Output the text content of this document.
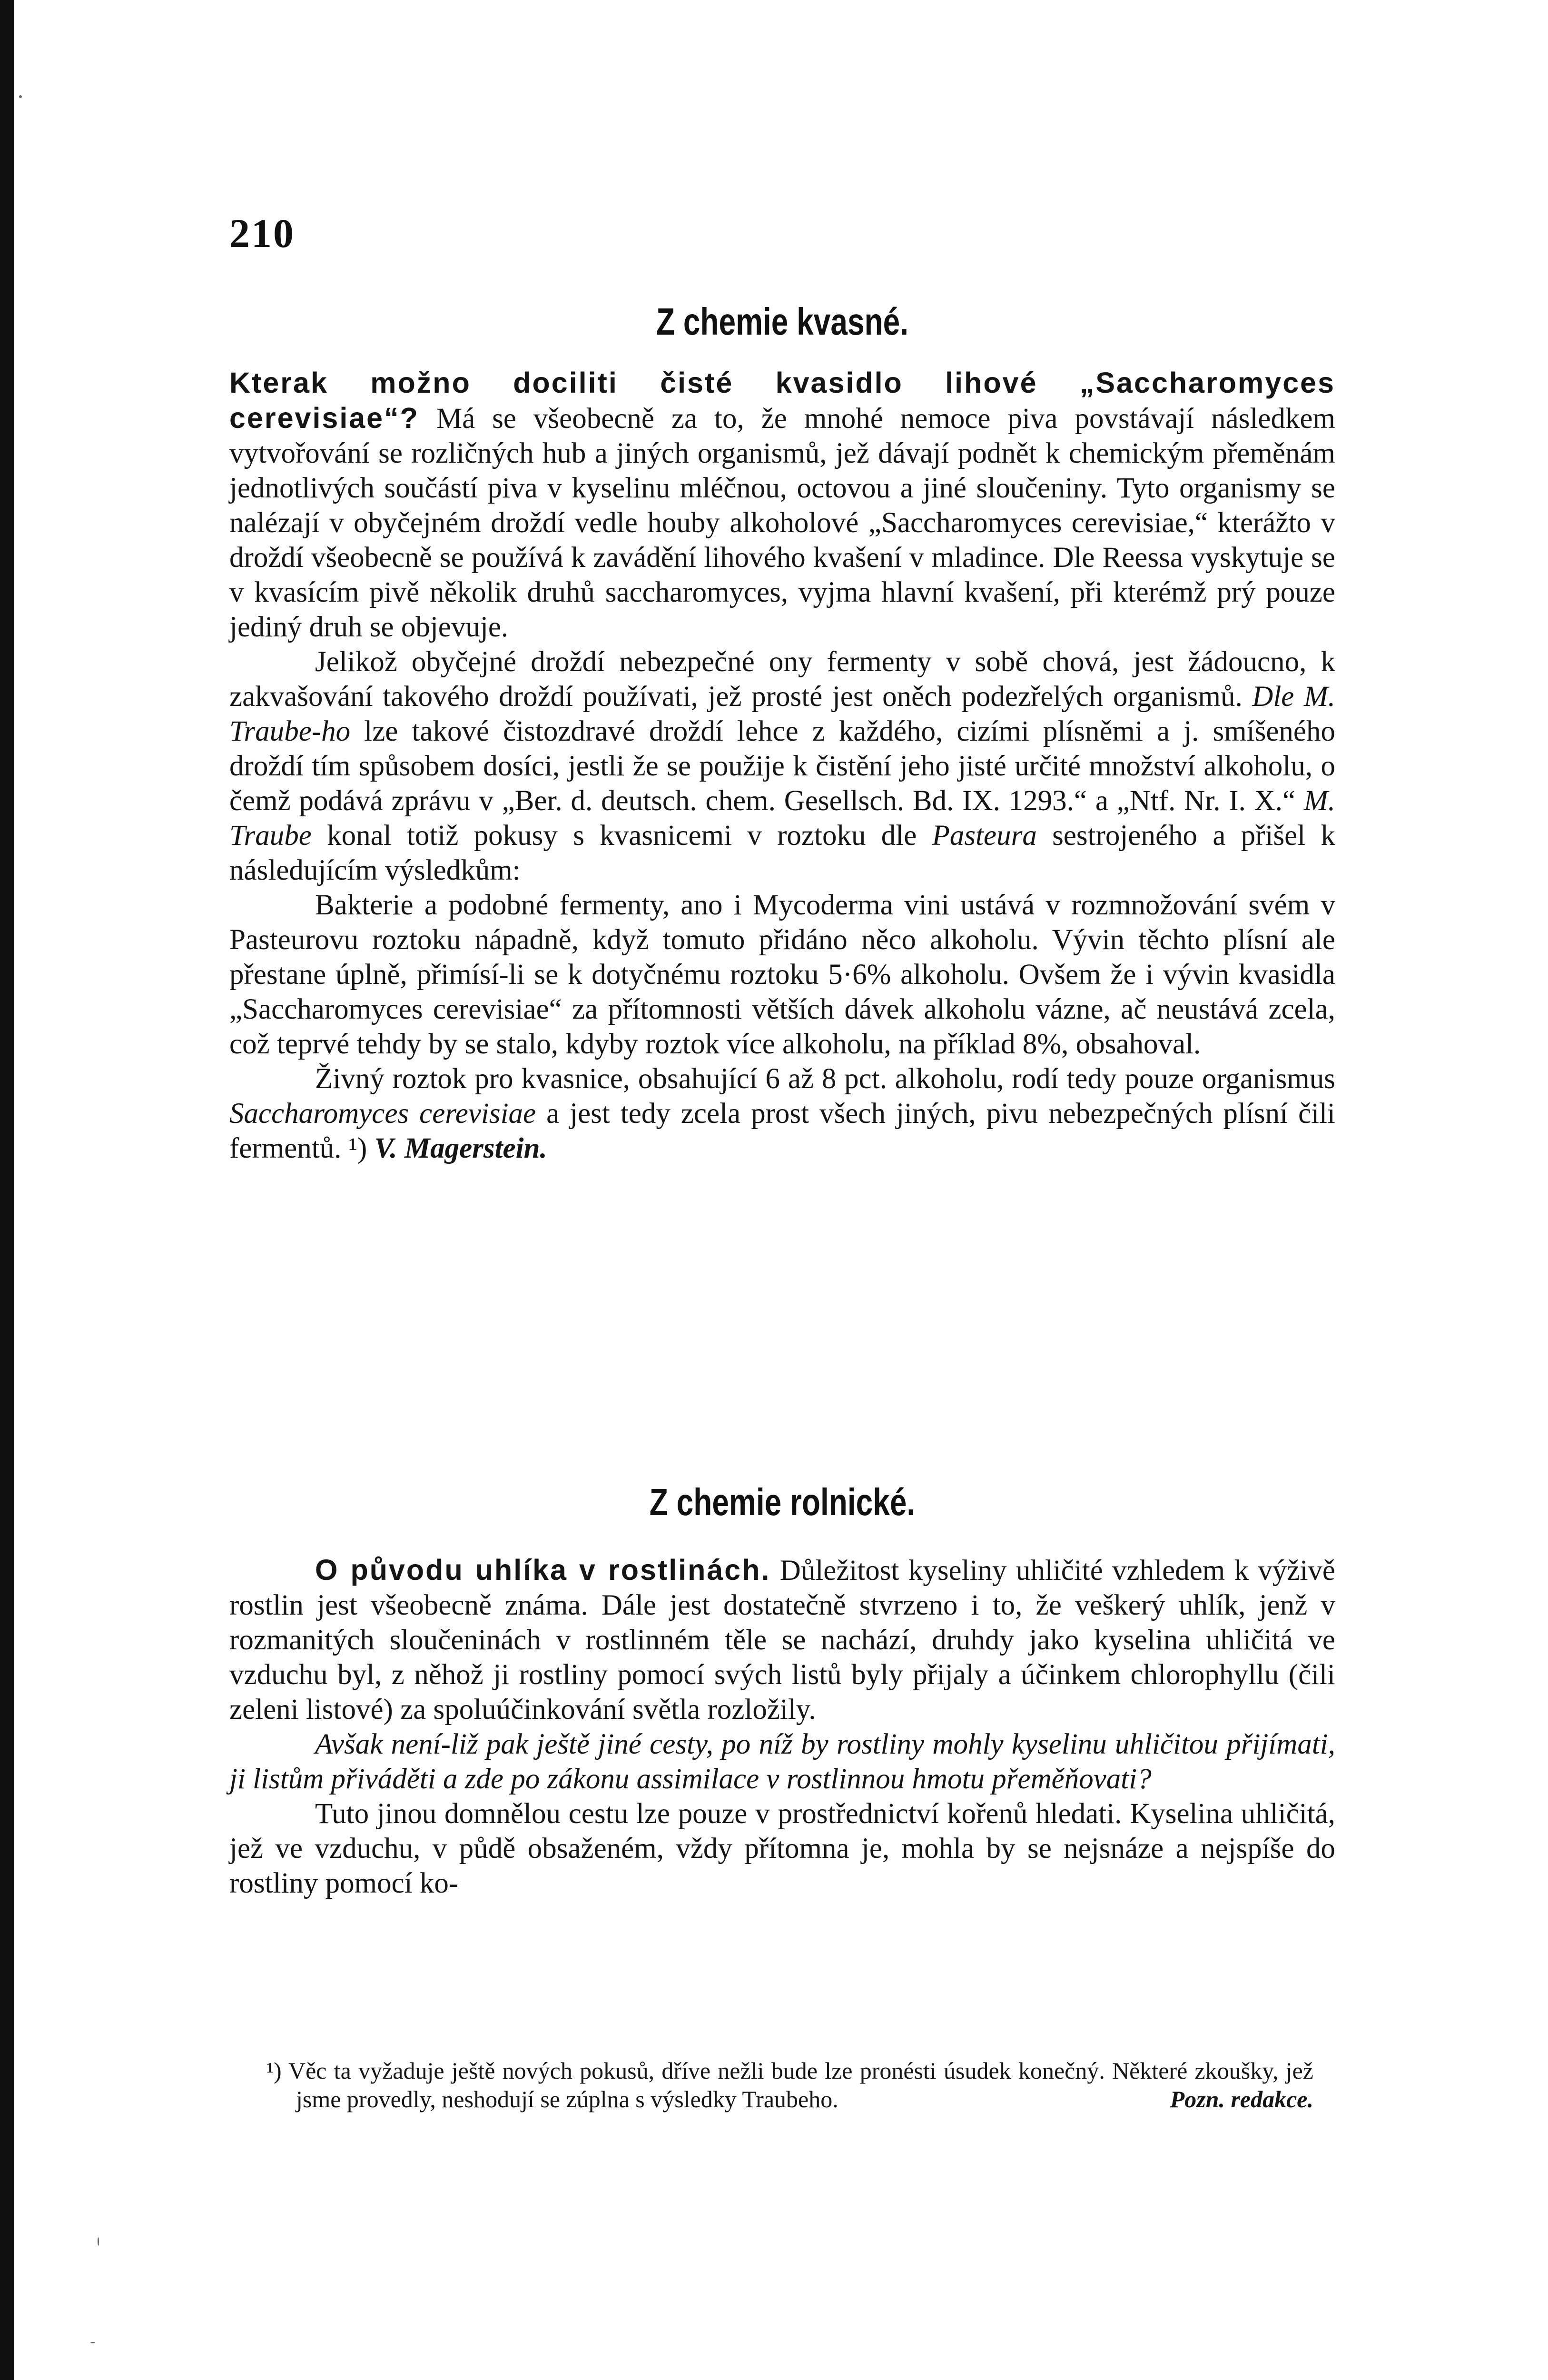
210
Z chemie kvasné.

Kterak možno dociliti čisté kvasidlo lihové „Saccharomyces cerevisiae“? Má se všeobecně za to, že mnohé nemoce piva povstávají následkem vytvořování se rozličných hub a jiných organismů, jež dávají podnět k chemickým přeměnám jednotlivých součástí piva v kyselinu mléčnou, octovou a jiné sloučeniny. Tyto organismy se nalézají v obyčejném droždí vedle houby alkoholové „Saccharomyces cerevisiae,“ kterážto v droždí všeobecně se používá k zavádění lihového kvašení v mladince. Dle Reessa vyskytuje se v kvasícím pivě několik druhů saccharomyces, vyjma hlavní kvašení, při kterémž prý pouze jediný druh se objevuje.

Jelikož obyčejné droždí nebezpečné ony fermenty v sobě chová, jest žádoucno, k zakvašování takového droždí používati, jež prosté jest oněch podezřelých organismů. Dle M. Traube-ho lze takové čistozdravé droždí lehce z každého, cizími plísněmi a j. smíšeného droždí tím spůsobem dosíci, jestli že se použije k čistění jeho jisté určité množství alkoholu, o čemž podává zprávu v „Ber. d. deutsch. chem. Gesellsch. Bd. IX. 1293.“ a „Ntf. Nr. I. X.“ M. Traube konal totiž pokusy s kvasnicemi v roztoku dle Pasteura sestrojeného a přišel k následujícím výsledkům:

Bakterie a podobné fermenty, ano i Mycoderma vini ustává v rozmnožování svém v Pasteurovu roztoku nápadně, když tomuto přidáno něco alkoholu. Vývin těchto plísní ale přestane úplně, přimísí-li se k dotyčnému roztoku 5·6% alkoholu. Ovšem že i vývin kvasidla „Saccharomyces cerevisiae“ za přítomnosti větších dávek alkoholu vázne, ač neustává zcela, což teprvé tehdy by se stalo, kdyby roztok více alkoholu, na příklad 8%, obsahoval.

Živný roztok pro kvasnice, obsahující 6 až 8 pct. alkoholu, rodí tedy pouze organismus Saccharomyces cerevisiae a jest tedy zcela prost všech jiných, pivu nebezpečných plísní čili fermentů. ¹) V. Magerstein.

Z chemie rolnické.

O původu uhlíka v rostlinách. Důležitost kyseliny uhličité vzhledem k výživě rostlin jest všeobecně známa. Dále jest dostatečně stvrzeno i to, že veškerý uhlík, jenž v rozmanitých sloučeninách v rostlinném těle se nachází, druhdy jako kyselina uhličitá ve vzduchu byl, z něhož ji rostliny pomocí svých listů byly přijaly a účinkem chlorophyllu (čili zeleni listové) za spoluúčinkování světla rozložily.

Avšak není-liž pak ještě jiné cesty, po níž by rostliny mohly kyselinu uhličitou přijímati, ji listům přiváděti a zde po zákonu assimilace v rostlinnou hmotu přeměňovati?

Tuto jinou domnělou cestu lze pouze v prostřednictví kořenů hledati. Kyselina uhličitá, jež ve vzduchu, v půdě obsaženém, vždy přítomna je, mohla by se nejsnáze a nejspíše do rostliny pomocí ko-

¹) Věc ta vyžaduje ještě nových pokusů, dříve nežli bude lze pronésti úsudek konečný. Některé zkoušky, jež jsme provedly, neshodují se zúplna s výsledky Traubeho.	Pozn. redakce.
